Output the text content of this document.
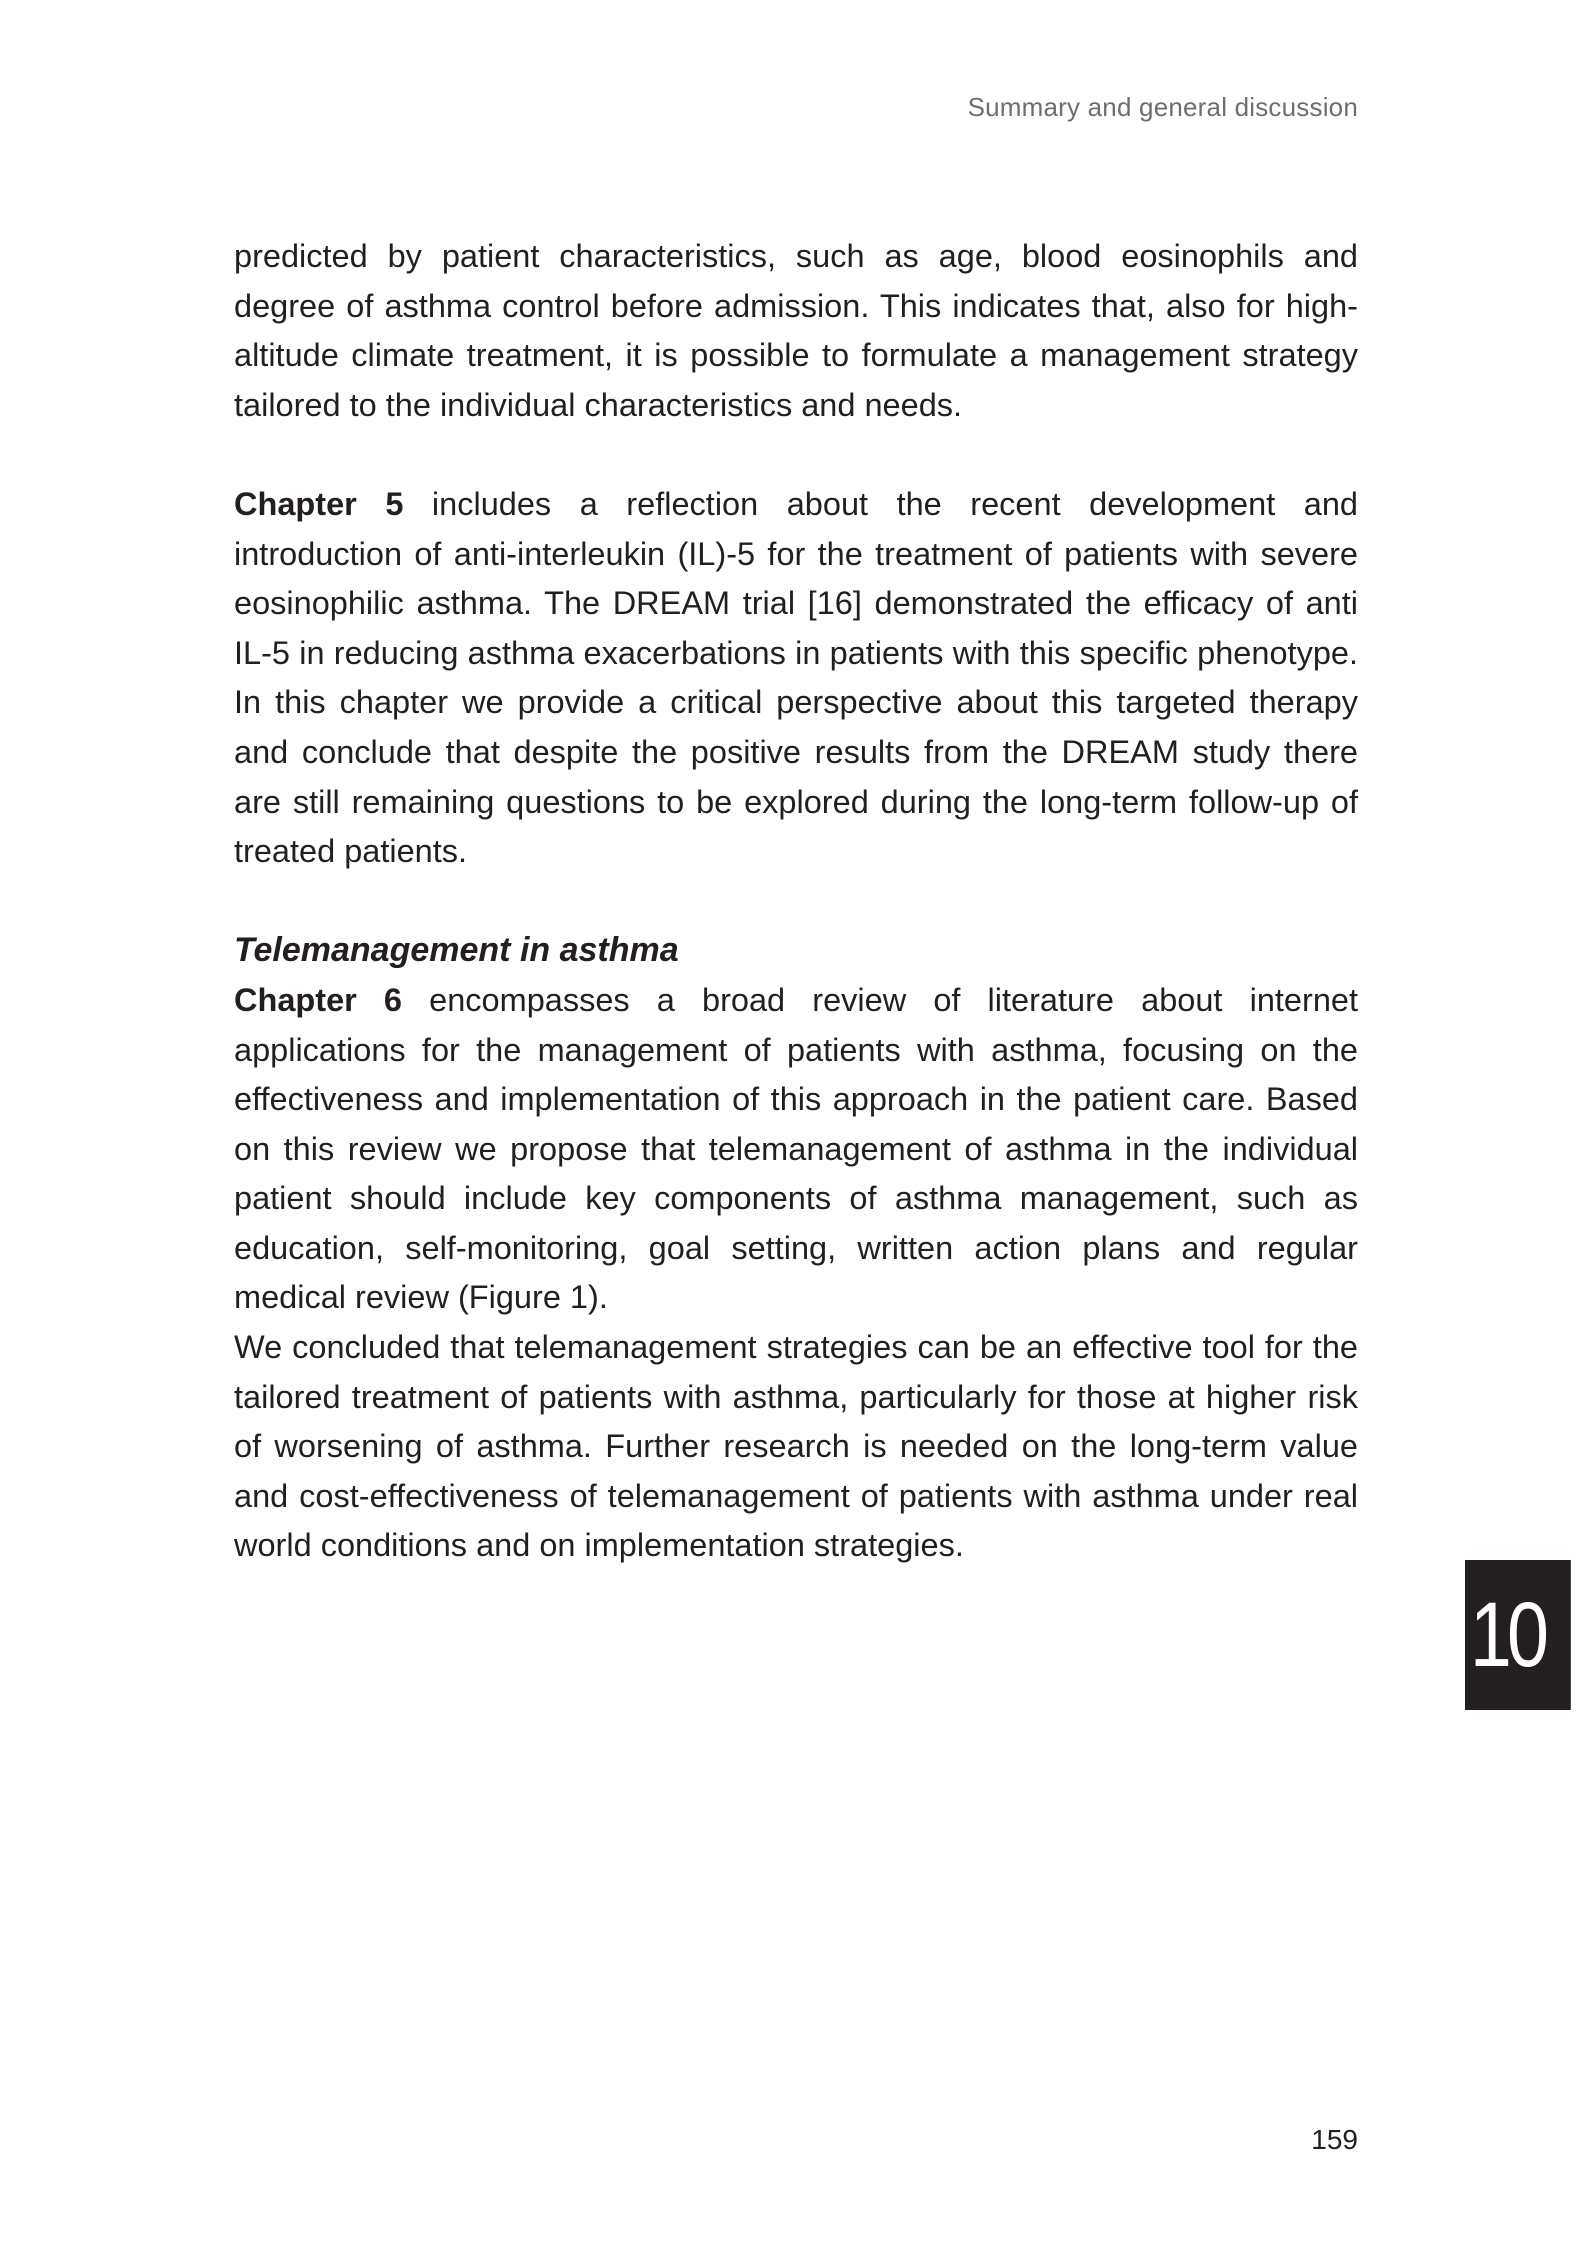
Summary and general discussion

predicted by patient characteristics, such as age, blood eosinophils and degree of asthma control before admission. This indicates that, also for high-altitude climate treatment, it is possible to formulate a management strategy tailored to the individual characteristics and needs.

Chapter 5 includes a reflection about the recent development and introduction of anti-interleukin (IL)-5 for the treatment of patients with severe eosinophilic asthma. The DREAM trial [16] demonstrated the efficacy of anti IL-5 in reducing asthma exacerbations in patients with this specific phenotype. In this chapter we provide a critical perspective about this targeted therapy and conclude that despite the positive results from the DREAM study there are still remaining questions to be explored during the long-term follow-up of treated patients.

Telemanagement in asthma

Chapter 6 encompasses a broad review of literature about internet applications for the management of patients with asthma, focusing on the effectiveness and implementation of this approach in the patient care. Based on this review we propose that telemanagement of asthma in the individual patient should include key components of asthma management, such as education, self-monitoring, goal setting, written action plans and regular medical review (Figure 1).

We concluded that telemanagement strategies can be an effective tool for the tailored treatment of patients with asthma, particularly for those at higher risk of worsening of asthma. Further research is needed on the long-term value and cost-effectiveness of telemanagement of patients with asthma under real world conditions and on implementation strategies.

10
159
